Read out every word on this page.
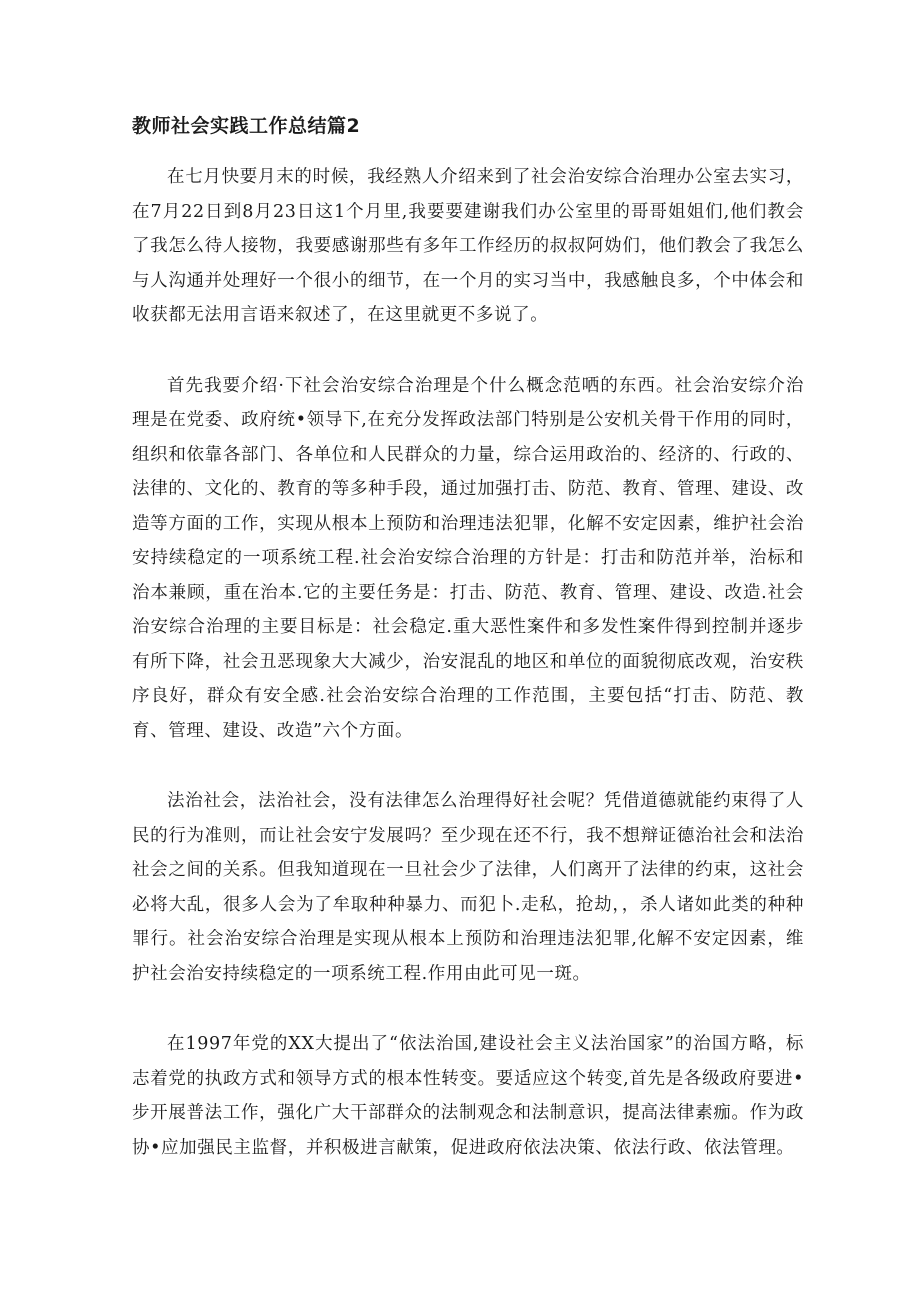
教师社会实践工作总结篇2

在七月快要月末的时候，我经熟人介绍来到了社会治安综合治理办公室去实习，在7月22日到8月23日这1个月里,我要要建谢我们办公室里的哥哥姐姐们,他们教会了我怎么待人接物，我要感谢那些有多年工作经历的叔叔阿妫们，他们教会了我怎么与人沟通并处理好一个很小的细节，在一个月的实习当中，我感触良多，个中体会和收获都无法用言语来叙述了，在这里就更不多说了。

首先我要介绍·下社会治安综合治理是个什么概念范哂的东西。社会治安综介治理是在党委、政府统•领导下,在充分发挥政法部门特别是公安机关骨干作用的同时，组织和依靠各部门、各单位和人民群众的力量，综合运用政治的、经济的、行政的、法律的、文化的、教育的等多种手段，通过加强打击、防范、教育、管理、建设、改造等方面的工作，实现从根本上预防和治理违法犯罪，化解不安定因素，维护社会治安持续稳定的一项系统工程.社会治安综合治理的方针是：打击和防范并举，治标和治本兼顾，重在治本.它的主要任务是：打击、防范、教育、管理、建设、改造.社会治安综合治理的主要目标是：社会稳定.重大恶性案件和多发性案件得到控制并逐步有所下降，社会丑恶现象大大减少，治安混乱的地区和单位的面貌彻底改观，治安秩序良好，群众有安全感.社会治安综合治理的工作范围，主要包括“打击、防范、教育、管理、建设、改造”六个方面。

法治社会，法治社会，没有法律怎么治理得好社会呢？凭借道德就能约束得了人民的行为准则，而让社会安宁发展吗？至少现在还不行，我不想辩证德治社会和法治社会之间的关系。但我知道现在一旦社会少了法律，人们离开了法律的约束，这社会必将大乱，很多人会为了牟取种种暴力、而犯卜.走私，抢劫，，杀人诸如此类的种种罪行。社会治安综合治理是实现从根本上预防和治理违法犯罪,化解不安定因素，维护社会治安持续稳定的一项系统工程.作用由此可见一斑。

在1997年党的XX大提出了“依法治国,建设社会主义法治国家”的治国方略，标志着党的执政方式和领导方式的根本性转变。要适应这个转变,首先是各级政府要进•步开展普法工作，强化广大干部群众的法制观念和法制意识，提高法律素痂。作为政协•应加强民主监督，并积极进言献策，促进政府依法决策、依法行政、依法管理。
